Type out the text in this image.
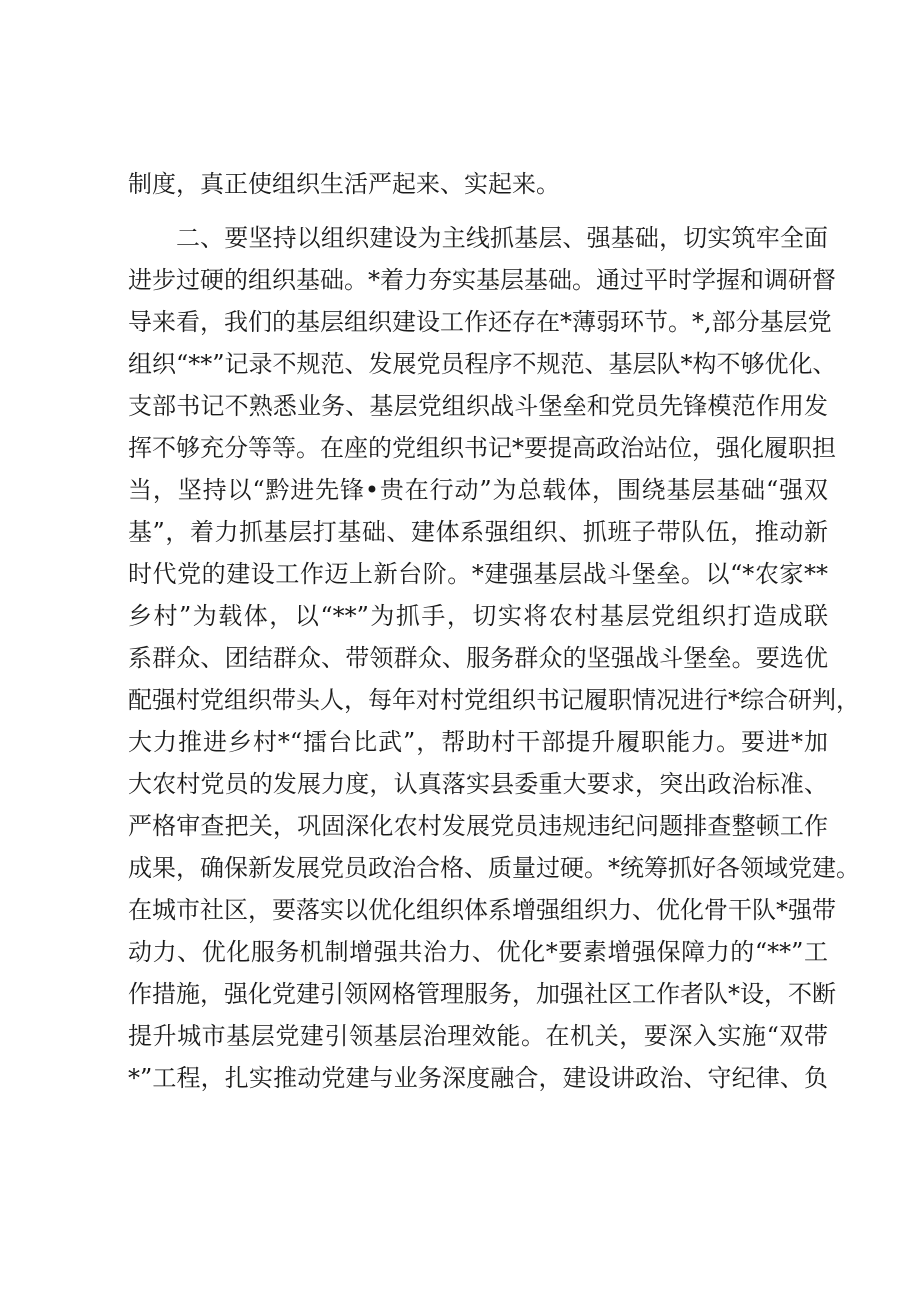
制度，真正使组织生活严起来、实起来。
二、要坚持以组织建设为主线抓基层、强基础，切实筑牢全面
进步过硬的组织基础。*着力夯实基层基础。通过平时学握和调研督
导来看，我们的基层组织建设工作还存在*薄弱环节。*,部分基层党
组织“**”记录不规范、发展党员程序不规范、基层队*构不够优化、
支部书记不熟悉业务、基层党组织战斗堡垒和党员先锋模范作用发
挥不够充分等等。在座的党组织书记*要提高政治站位，强化履职担
当，坚持以“黔进先锋•贵在行动”为总载体，围绕基层基础“强双
基”，着力抓基层打基础、建体系强组织、抓班子带队伍，推动新
时代党的建设工作迈上新台阶。*建强基层战斗堡垒。以“*农家**
乡村”为载体，以“**”为抓手，切实将农村基层党组织打造成联
系群众、团结群众、带领群众、服务群众的坚强战斗堡垒。要选优
配强村党组织带头人，每年对村党组织书记履职情况进行*综合研判，
大力推进乡村*“擂台比武”，帮助村干部提升履职能力。要进*加
大农村党员的发展力度，认真落实县委重大要求，突出政治标准、
严格审查把关，巩固深化农村发展党员违规违纪问题排查整顿工作
成果，确保新发展党员政治合格、质量过硬。*统筹抓好各领域党建。
在城市社区，要落实以优化组织体系增强组织力、优化骨干队*强带
动力、优化服务机制增强共治力、优化*要素增强保障力的“**”工
作措施，强化党建引领网格管理服务，加强社区工作者队*设，不断
提升城市基层党建引领基层治理效能。在机关，要深入实施“双带
*”工程，扎实推动党建与业务深度融合，建设讲政治、守纪律、负
